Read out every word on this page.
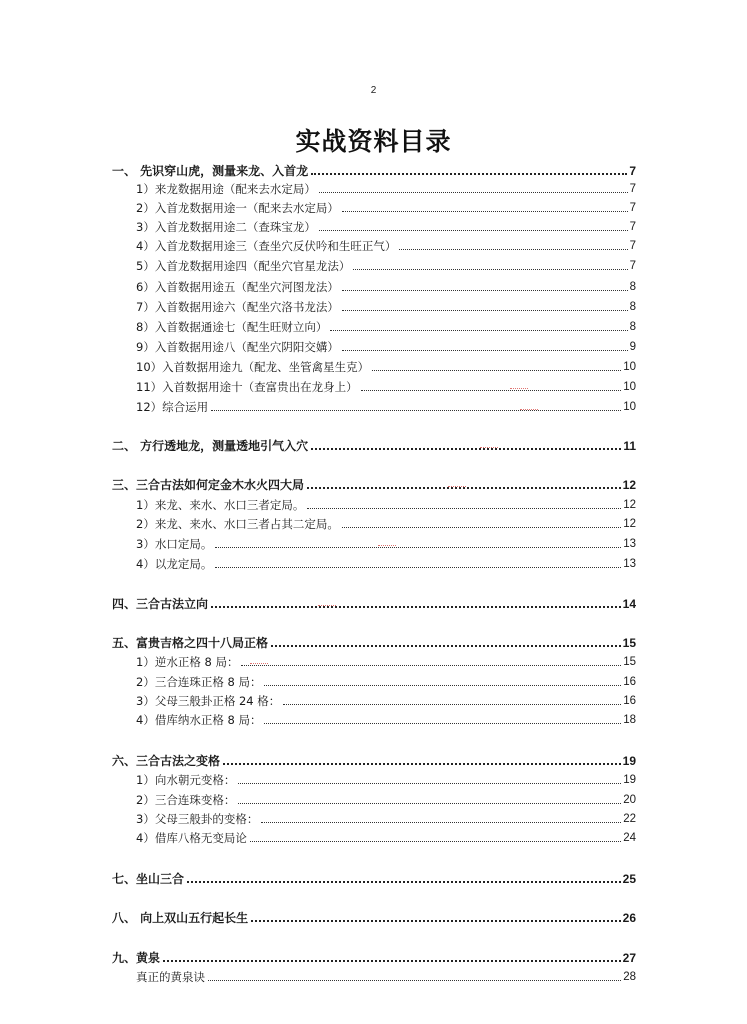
2
实战资料目录
一、 先识穿山虎，测量来龙、入首龙	7
1）来龙数据用途（配来去水定局）	7
2）入首龙数据用途一（配来去水定局）	7
3）入首龙数据用途二（查珠宝龙）	7
4）入首龙数据用途三（查坐穴反伏吟和生旺正气）	7
5）入首龙数据用途四（配坐穴官星龙法）	7
6）入首数据用途五（配坐穴河图龙法）	8
7）入首数据用途六（配坐穴洛书龙法）	8
8）入首数据通途七（配生旺财立向）	8
9）入首数据用途八（配坐穴阴阳交媾）	9
10）入首数据用途九（配龙、坐管禽星生克）	10
11）入首数据用途十（查富贵出在龙身上）	10
12）综合运用	10
二、 方行透地龙，测量透地引气入穴	11
三、三合古法如何定金木水火四大局	12
1）来龙、来水、水口三者定局。	12
2）来龙、来水、水口三者占其二定局。	12
3）水口定局。	13
4）以龙定局。	13
四、三合古法立向	14
五、富贵吉格之四十八局正格	15
1）逆水正格 8 局：	15
2）三合连珠正格 8 局：	16
3）父母三般卦正格 24 格：	16
4）借库纳水正格 8 局：	18
六、三合古法之变格	19
1）向水朝元变格：	19
2）三合连珠变格：	20
3）父母三般卦的变格：	22
4）借库八格无变局论	24
七、坐山三合	25
八、 向上双山五行起长生	26
九、黄泉	27
真正的黄泉诀	28
